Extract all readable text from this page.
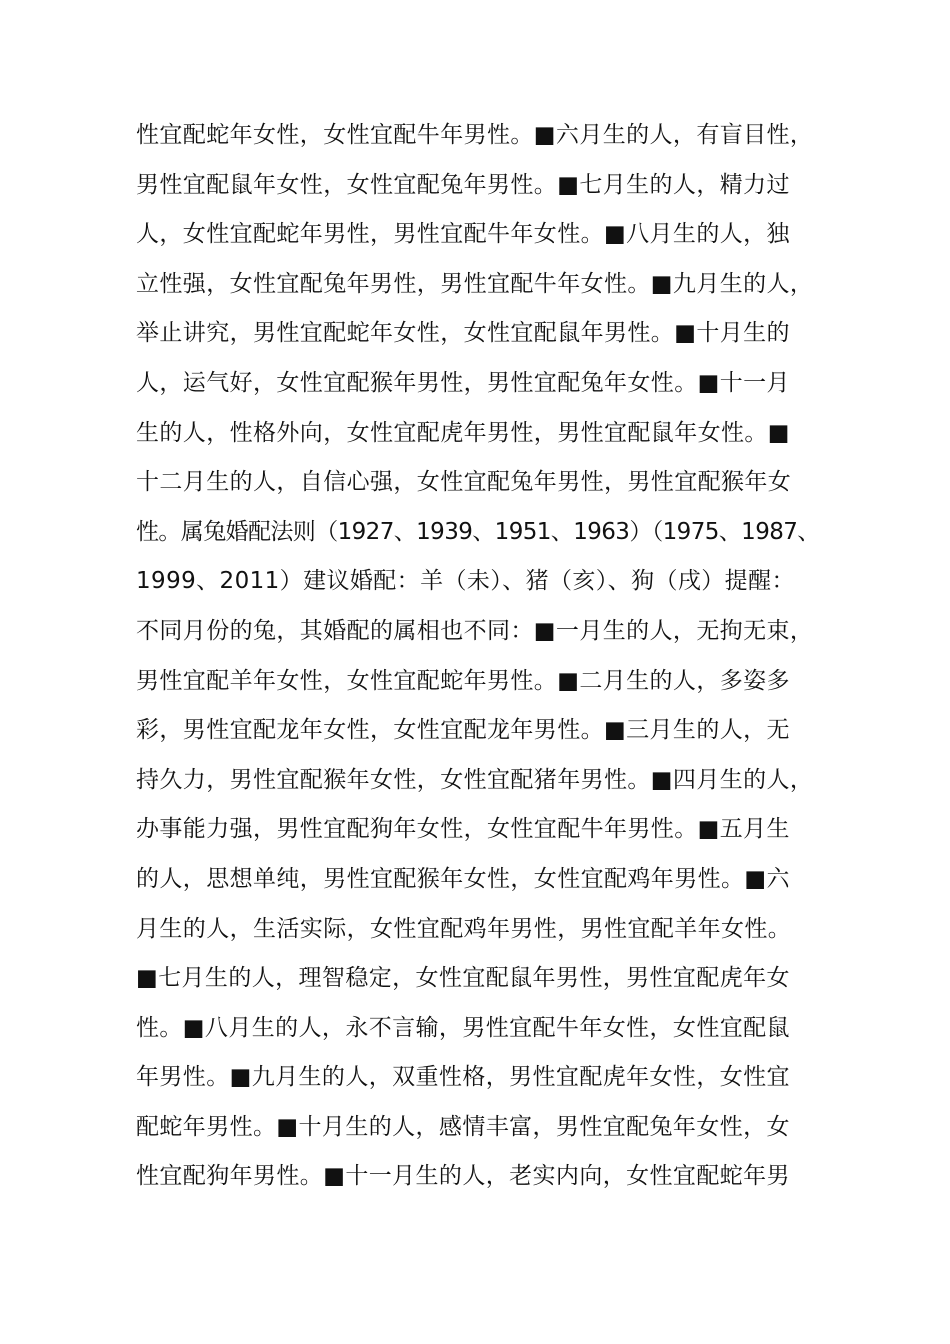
性宜配蛇年女性，女性宜配牛年男性。■六月生的人，有盲目性，
男性宜配鼠年女性，女性宜配兔年男性。■七月生的人，精力过
人，女性宜配蛇年男性，男性宜配牛年女性。■八月生的人，独
立性强，女性宜配兔年男性，男性宜配牛年女性。■九月生的人，
举止讲究，男性宜配蛇年女性，女性宜配鼠年男性。■十月生的
人，运气好，女性宜配猴年男性，男性宜配兔年女性。■十一月
生的人，性格外向，女性宜配虎年男性，男性宜配鼠年女性。■
十二月生的人，自信心强，女性宜配兔年男性，男性宜配猴年女
性。属兔婚配法则（1927、1939、1951、1963）（1975、1987、
1999、2011）建议婚配：羊（未）、猪（亥）、狗（戌）提醒：
不同月份的兔，其婚配的属相也不同：■一月生的人，无拘无束，
男性宜配羊年女性，女性宜配蛇年男性。■二月生的人，多姿多
彩，男性宜配龙年女性，女性宜配龙年男性。■三月生的人，无
持久力，男性宜配猴年女性，女性宜配猪年男性。■四月生的人，
办事能力强，男性宜配狗年女性，女性宜配牛年男性。■五月生
的人，思想单纯，男性宜配猴年女性，女性宜配鸡年男性。■六
月生的人，生活实际，女性宜配鸡年男性，男性宜配羊年女性。
■七月生的人，理智稳定，女性宜配鼠年男性，男性宜配虎年女
性。■八月生的人，永不言输，男性宜配牛年女性，女性宜配鼠
年男性。■九月生的人，双重性格，男性宜配虎年女性，女性宜
配蛇年男性。■十月生的人，感情丰富，男性宜配兔年女性，女
性宜配狗年男性。■十一月生的人，老实内向，女性宜配蛇年男
